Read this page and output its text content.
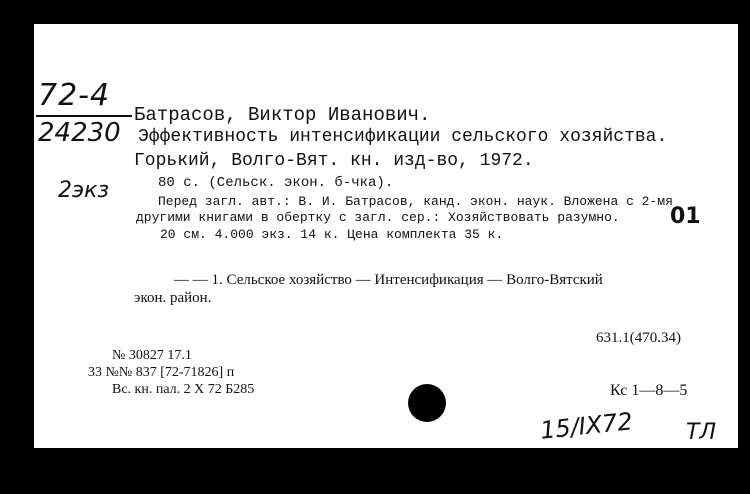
72-4
24230
2экз
Батрасов, Виктор Иванович.
Эффективность интенсификации сельского хозяйства.
Горький, Волго-Вят. кн. изд-во, 1972.
80 с. (Сельск. экон. б-чка).
Перед загл. авт.: В. И. Батрасов, канд. экон. наук. Вложена с 2-мя
другими книгами в обертку с загл. сер.: Хозяйствовать разумно. 01
20 см. 4.000 экз. 14 к. Цена комплекта 35 к.
— — 1. Сельское хозяйство — Интенсификация — Волго-Вятский
экон. район.
631.1(470.34)
№ 30827 17.1
33 №№ 837 [72-71826] п
Вс. кн. пал. 2 Х 72 Б285	Кс 1—8—5
15/IX72 ТЛ
